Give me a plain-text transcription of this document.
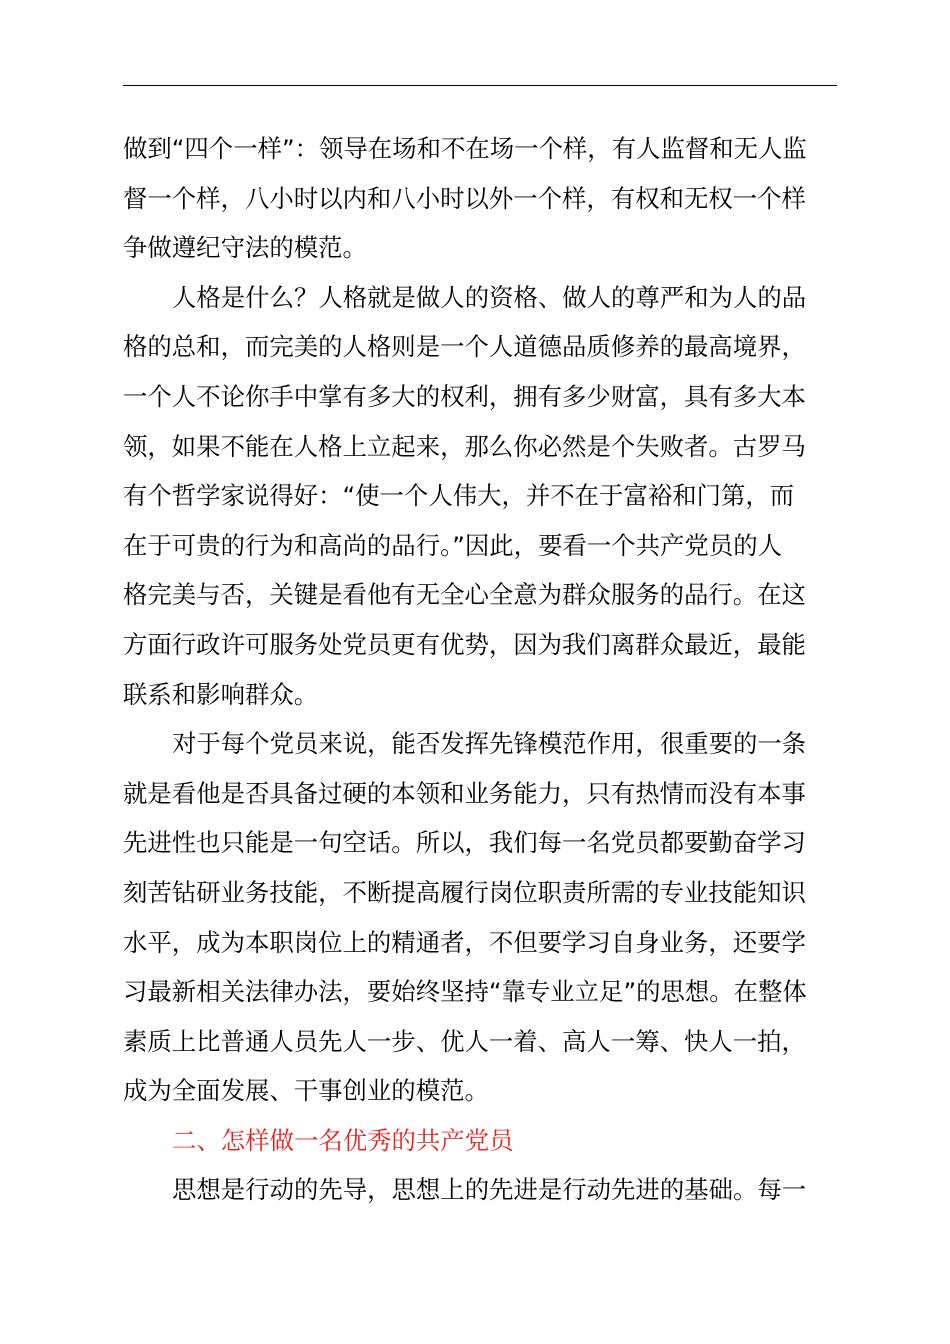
做到“四个一样”：领导在场和不在场一个样，有人监督和无人监
督一个样，八小时以内和八小时以外一个样，有权和无权一个样
争做遵纪守法的模范。

人格是什么？人格就是做人的资格、做人的尊严和为人的品
格的总和，而完美的人格则是一个人道德品质修养的最高境界，
一个人不论你手中掌有多大的权利，拥有多少财富，具有多大本
领，如果不能在人格上立起来，那么你必然是个失败者。古罗马
有个哲学家说得好：“使一个人伟大，并不在于富裕和门第，而
在于可贵的行为和高尚的品行。”因此，要看一个共产党员的人
格完美与否，关键是看他有无全心全意为群众服务的品行。在这
方面行政许可服务处党员更有优势，因为我们离群众最近，最能
联系和影响群众。

对于每个党员来说，能否发挥先锋模范作用，很重要的一条
就是看他是否具备过硬的本领和业务能力，只有热情而没有本事
先进性也只能是一句空话。所以，我们每一名党员都要勤奋学习
刻苦钻研业务技能，不断提高履行岗位职责所需的专业技能知识
水平，成为本职岗位上的精通者，不但要学习自身业务，还要学
习最新相关法律办法，要始终坚持“靠专业立足”的思想。在整体
素质上比普通人员先人一步、优人一着、高人一筹、快人一拍，
成为全面发展、干事创业的模范。

二、怎样做一名优秀的共产党员

思想是行动的先导，思想上的先进是行动先进的基础。每一
